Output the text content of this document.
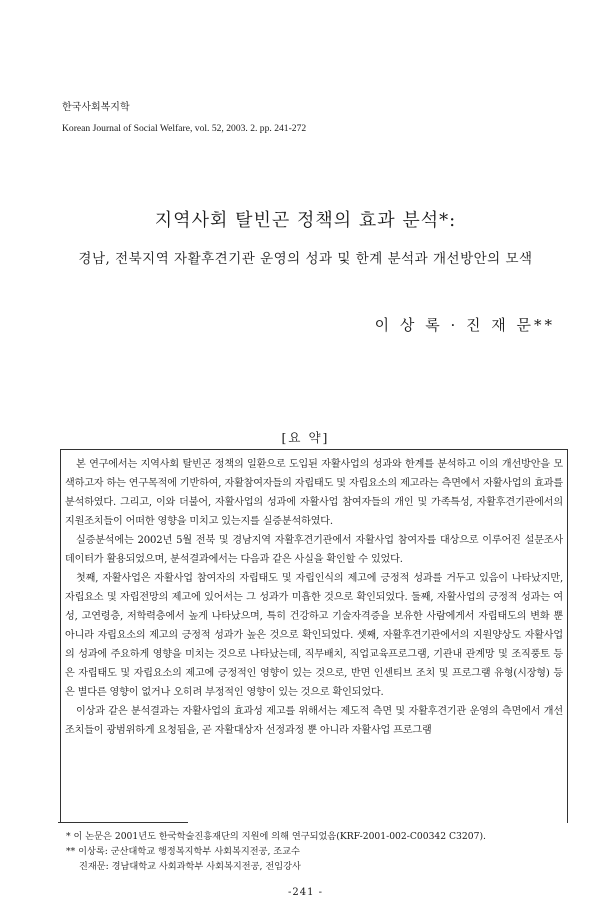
한국사회복지학
Korean Journal of Social Welfare, vol. 52, 2003. 2. pp. 241-272
지역사회 탈빈곤 정책의 효과 분석*:
경남, 전북지역 자활후견기관 운영의 성과 및 한계 분석과 개선방안의 모색
이 상 록 · 진 재 문**
[요 약]

본 연구에서는 지역사회 탈빈곤 정책의 일환으로 도입된 자활사업의 성과와 한계를 분석하고 이의 개선방안을 모색하고자 하는 연구목적에 기반하여, 자활참여자들의 자립태도 및 자립요소의 제고라는 측면에서 자활사업의 효과를 분석하였다. 그리고, 이와 더불어, 자활사업의 성과에 자활사업 참여자들의 개인 및 가족특성, 자활후견기관에서의 지원조치들이 어떠한 영향을 미치고 있는지를 실증분석하였다.

실증분석에는 2002년 5월 전북 및 경남지역 자활후견기관에서 자활사업 참여자를 대상으로 이루어진 설문조사 데이터가 활용되었으며, 분석결과에서는 다음과 같은 사실을 확인할 수 있었다.

첫째, 자활사업은 자활사업 참여자의 자립태도 및 자립인식의 제고에 긍정적 성과를 거두고 있음이 나타났지만, 자립요소 및 자립전망의 제고에 있어서는 그 성과가 미흡한 것으로 확인되었다. 둘째, 자활사업의 긍정적 성과는 여성, 고연령층, 저학력층에서 높게 나타났으며, 특히 건강하고 기술자격증을 보유한 사람에게서 자립태도의 변화 뿐 아니라 자립요소의 제고의 긍정적 성과가 높은 것으로 확인되었다. 셋째, 자활후견기관에서의 지원양상도 자활사업의 성과에 주요하게 영향을 미치는 것으로 나타났는데, 직무배치, 직업교육프로그램, 기관내 관계망 및 조직풍토 등은 자립태도 및 자립요소의 제고에 긍정적인 영향이 있는 것으로, 반면 인센티브 조치 및 프로그램 유형(시장형) 등은 별다른 영향이 없거나 오히려 부정적인 영향이 있는 것으로 확인되었다.

이상과 같은 분석결과는 자활사업의 효과성 제고를 위해서는 제도적 측면 및 자활후견기관 운영의 측면에서 개선조치들이 광범위하게 요청됨을, 곧 자활대상자 선정과정 뿐 아니라 자활사업 프로그램

* 이 논문은 2001년도 한국학술진흥재단의 지원에 의해 연구되었음(KRF-2001-002-C00342 C3207).

** 이상록: 군산대학교 행정복지학부 사회복지전공, 조교수

진재문: 경남대학교 사회과학부 사회복지전공, 전임강사

-241 -
